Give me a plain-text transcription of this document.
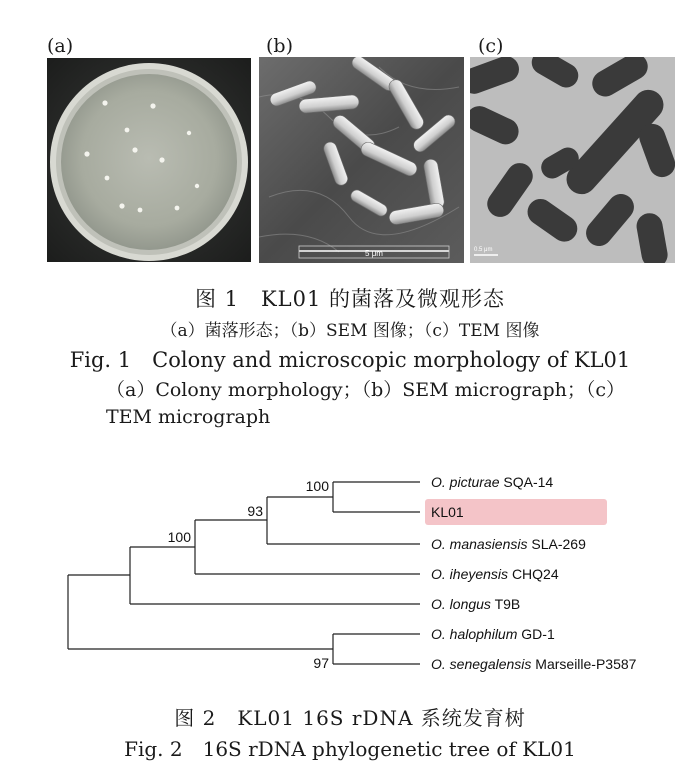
(a)	(b)	(c)
5 μm	0.5 μm
图 1　KL01 的菌落及微观形态
（a）菌落形态；（b）SEM 图像；（c）TEM 图像
Fig. 1　Colony and microscopic morphology of KL01
（a）Colony morphology；（b）SEM micrograph；（c）TEM micrograph
100
93
100
97
O. picturae SQA-14
KL01
O. manasiensis SLA-269
O. iheyensis CHQ24
O. longus T9B
O. halophilum GD-1
O. senegalensis Marseille-P3587
图 2　KL01 16S rDNA 系统发育树
Fig. 2　16S rDNA phylogenetic tree of KL01
